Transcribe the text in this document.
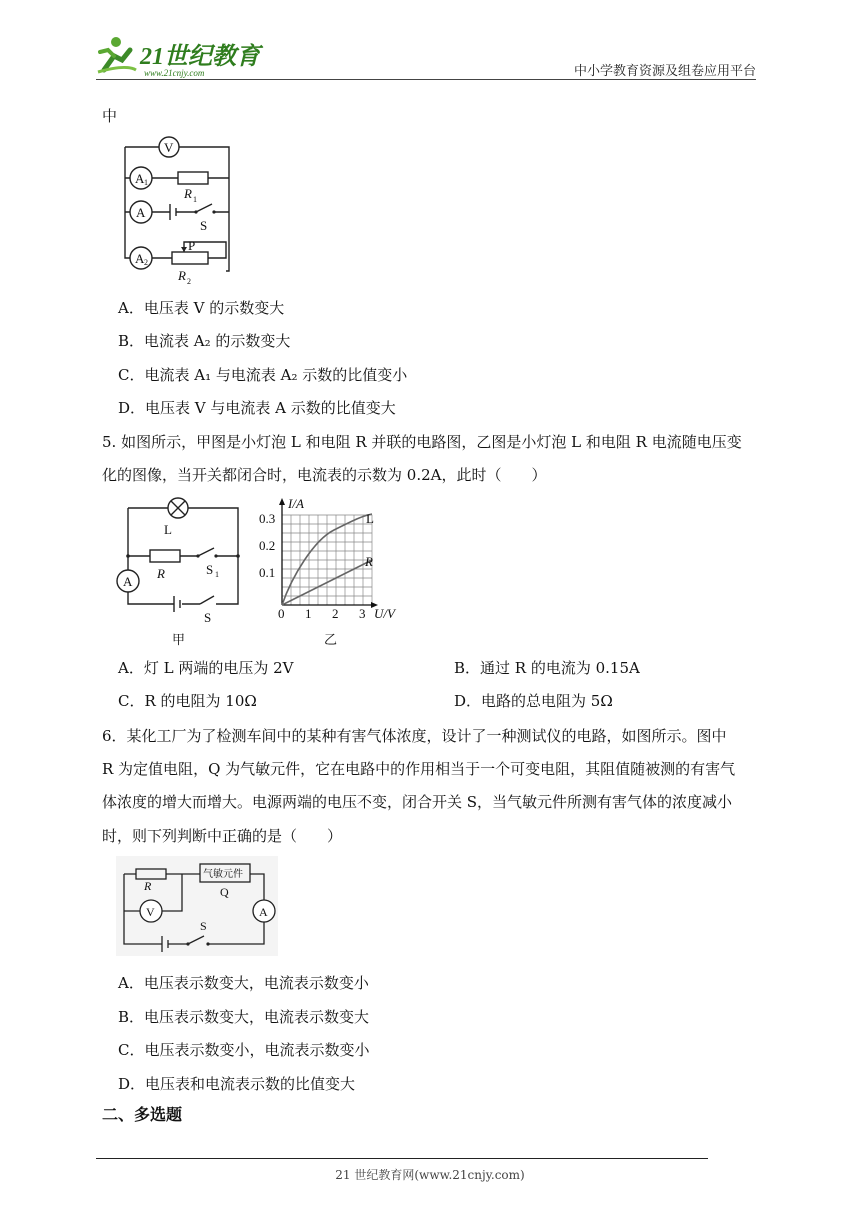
21世纪教育
www.21cnjy.com	中小学教育资源及组卷应用平台
中
V
A 1
A
A 2
R 1
S
P
R 2
A．电压表 V 的示数变大
B．电流表 A₂ 的示数变大
C．电流表 A₁ 与电流表 A₂ 示数的比值变小
D．电压表 V 与电流表 A 示数的比值变大
5. 如图所示，甲图是小灯泡 L 和电阻 R 并联的电路图，乙图是小灯泡 L 和电阻 R 电流随电压变
化的图像，当开关都闭合时，电流表的示数为 0.2A，此时（　　）
L
R	S 1
A
S
甲
I/A
U/V
0.3
0.2
0.1
0 1 2 3
L
R
乙
A．灯 L 两端的电压为 2V	B．通过 R 的电流为 0.15A
C．R 的电阻为 10Ω	D．电路的总电阻为 5Ω
6．某化工厂为了检测车间中的某种有害气体浓度，设计了一种测试仪的电路，如图所示。图中
R 为定值电阻，Q 为气敏元件，它在电路中的作用相当于一个可变电阻，其阻值随被测的有害气
体浓度的增大而增大。电源两端的电压不变，闭合开关 S，当气敏元件所测有害气体的浓度减小
时，则下列判断中正确的是（　　）
R
气敏元件
Q
V	A
S
A．电压表示数变大，电流表示数变小
B．电压表示数变大，电流表示数变大
C．电压表示数变小，电流表示数变小
D．电压表和电流表示数的比值变大
二、多选题
21 世纪教育网(www.21cnjy.com)
